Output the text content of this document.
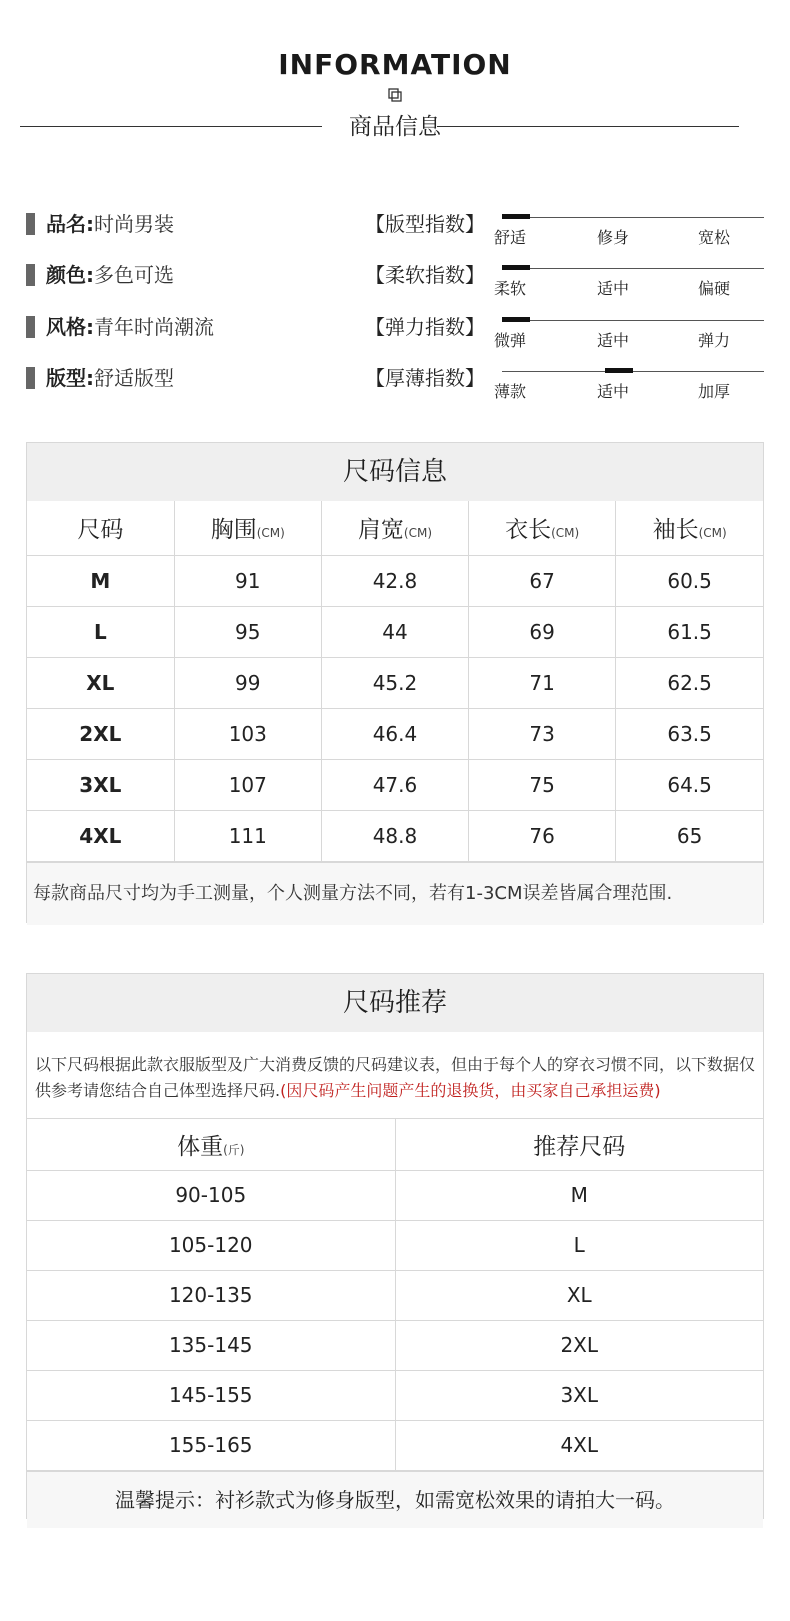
INFORMATION
商品信息
品名:时尚男装
颜色:多色可选
风格:青年时尚潮流
版型:舒适版型
【版型指数】
【柔软指数】
【弹力指数】
【厚薄指数】
舒适	修身	宽松
柔软	适中	偏硬
微弹	适中	弹力
薄款	适中	加厚
尺码信息
尺码	胸围(CM)	肩宽(CM)	衣长(CM)	袖长(CM)
M	91	42.8	67	60.5
L	95	44	69	61.5
XL	99	45.2	71	62.5
2XL	103	46.4	73	63.5
3XL	107	47.6	75	64.5
4XL	111	48.8	76	65
每款商品尺寸均为手工测量，个人测量方法不同，若有1-3CM误差皆属合理范围.
尺码推荐
以下尺码根据此款衣服版型及广大消费反馈的尺码建议表，但由于每个人的穿衣习惯不同，以下数据仅供参考请您结合自己体型选择尺码.(因尺码产生问题产生的退换货，由买家自己承担运费)
体重(斤)	推荐尺码
90-105	M
105-120	L
120-135	XL
135-145	2XL
145-155	3XL
155-165	4XL
温馨提示：衬衫款式为修身版型，如需宽松效果的请拍大一码。
